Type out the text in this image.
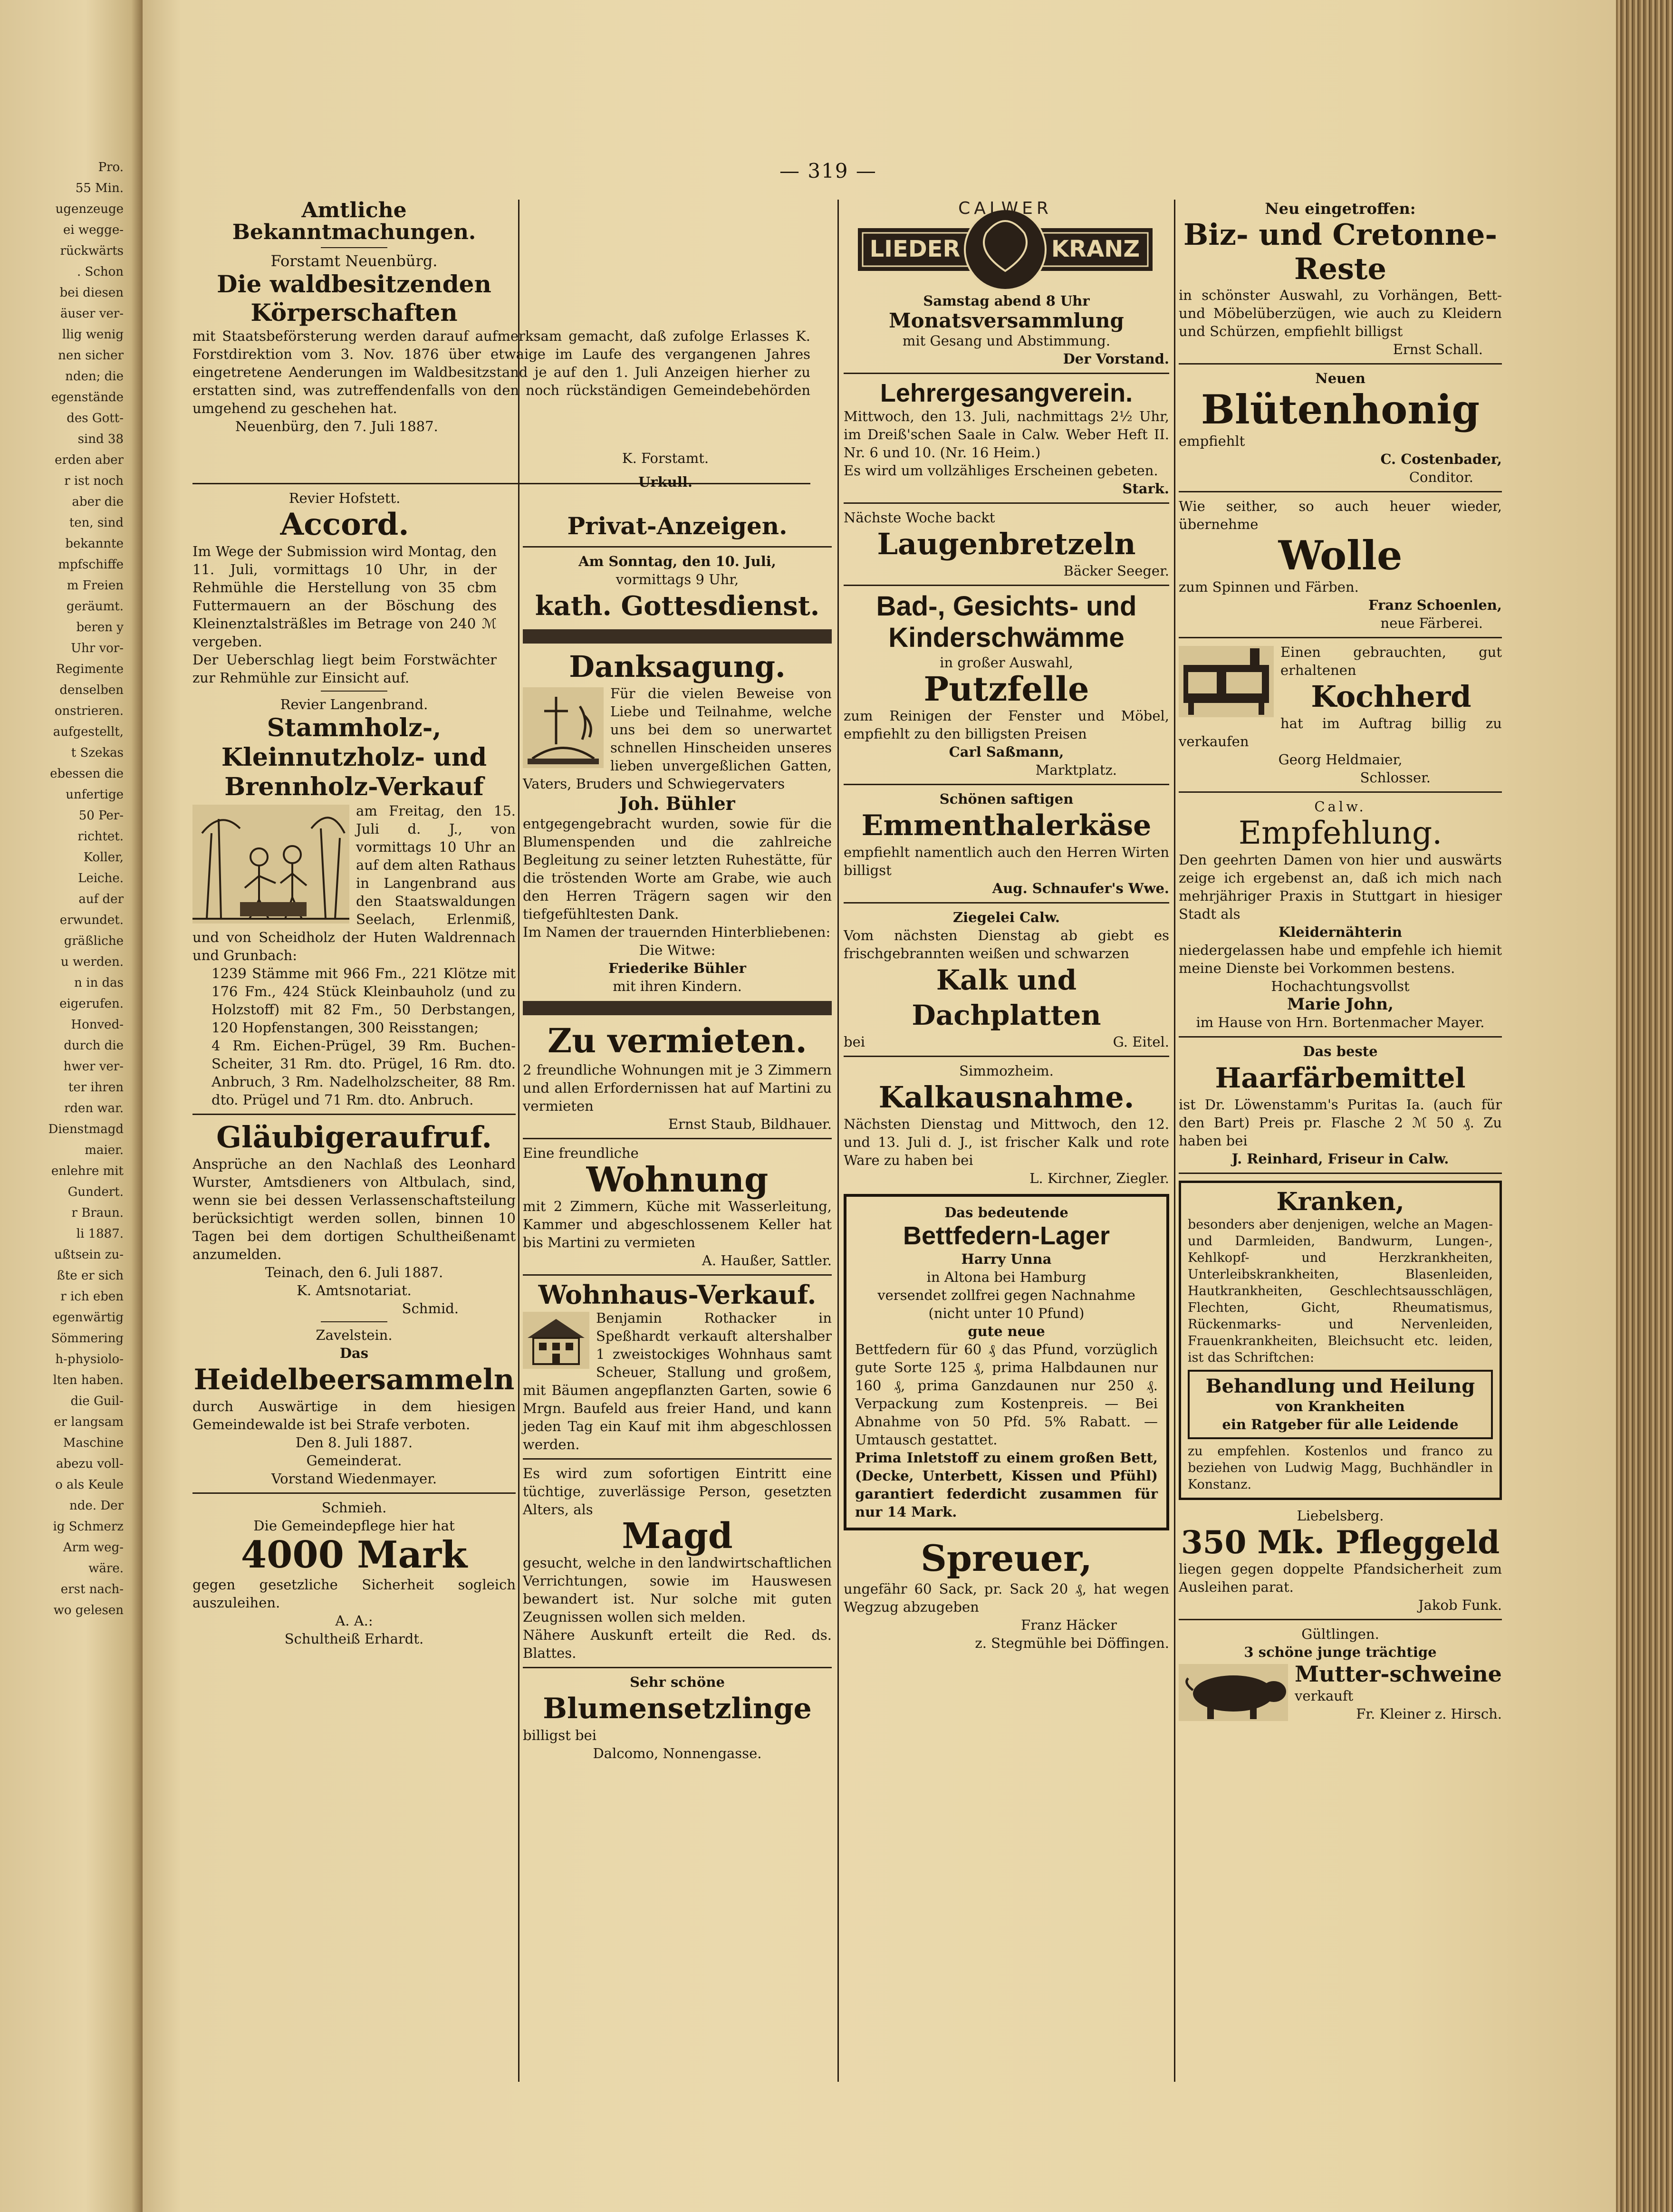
Pro.
55 Min.
ugenzeuge
ei wegge-
rückwärts
. Schon
bei diesen
äuser ver-
llig wenig
nen sicher
nden; die
egenstände
des Gott-
sind 38
erden aber
r ist noch
aber die
ten, sind
bekannte
mpfschiffe
m Freien
geräumt.
beren y
Uhr vor-
Regimente
denselben
onstrieren.
aufgestellt,
t Szekas
ebessen die
unfertige
50 Per-
richtet.
Koller,
Leiche.
auf der
erwundet.
gräßliche
u werden.
n in das
eigerufen.
Honved-
durch die
hwer ver-
ter ihren
rden war.
Dienstmagd
maier.
enlehre mit
Gundert.
r Braun.
li 1887.
ußtsein zu-
ßte er sich
r ich eben
egenwärtig
Sömmering
h-physiolo-
lten haben.
die Guil-
er langsam
Maschine
abezu voll-
o als Keule
nde. Der
ig Schmerz
Arm weg-
wäre.
erst nach-
wo gelesen
— 319 —
Amtliche Bekanntmachungen.
Forstamt Neuenbürg.
Die waldbesitzenden Körperschaften
mit Staatsbeförsterung werden darauf aufmerksam gemacht, daß zufolge Erlasses K. Forstdirektion vom 3. Nov. 1876 über etwaige im Laufe des vergangenen Jahres eingetretene Aenderungen im Waldbesitzstand je auf den 1. Juli Anzeigen hierher zu erstatten sind, was zutreffendenfalls von den noch rückständigen Gemeindebehörden umgehend zu geschehen hat.
Neuenbürg, den 7. Juli 1887.
Revier Hofstett.
Accord.
Im Wege der Submission wird Montag, den 11. Juli, vormittags 10 Uhr, in der Rehmühle die Herstellung von 35 cbm Futtermauern an der Böschung des Kleinenztalsträßles im Betrage von 240 ℳ vergeben.
Der Ueberschlag liegt beim Forstwächter zur Rehmühle zur Einsicht auf.
Revier Langenbrand.
Stammholz-, Kleinnutzholz- und Brennholz-Verkauf
am Freitag, den 15. Juli d. J., von vormittags 10 Uhr an auf dem alten Rathaus in Langenbrand aus den Staatswaldungen Seelach, Erlenmiß, und von Scheidholz der Huten Waldrennach und Grunbach:
1239 Stämme mit 966 Fm., 221 Klötze mit 176 Fm., 424 Stück Kleinbauholz (und zu Holzstoff) mit 82 Fm., 50 Derbstangen, 120 Hopfenstangen, 300 Reisstangen;
4 Rm. Eichen-Prügel, 39 Rm. Buchen-Scheiter, 31 Rm. dto. Prügel, 16 Rm. dto. Anbruch, 3 Rm. Nadelholzscheiter, 88 Rm. dto. Prügel und 71 Rm. dto. Anbruch.
Gläubigeraufruf.
Ansprüche an den Nachlaß des Leonhard Wurster, Amtsdieners von Altbulach, sind, wenn sie bei dessen Verlassenschaftsteilung berücksichtigt werden sollen, binnen 10 Tagen bei dem dortigen Schultheißenamt anzumelden.
Teinach, den 6. Juli 1887.
K. Amtsnotariat.
Schmid.
Zavelstein.
Das
Heidelbeersammeln
durch Auswärtige in dem hiesigen Gemeindewalde ist bei Strafe verboten.
Den 8. Juli 1887.
Gemeinderat.
Vorstand Wiedenmayer.
Schmieh.
Die Gemeindepflege hier hat
4000 Mark
gegen gesetzliche Sicherheit sogleich auszuleihen.
A. A.:
Schultheiß Erhardt.
K. Forstamt.
Urkull.
Privat-Anzeigen.
Am Sonntag, den 10. Juli,
vormittags 9 Uhr,
kath. Gottesdienst.
Danksagung.
Für die vielen Beweise von Liebe und Teilnahme, welche uns bei dem so unerwartet schnellen Hinscheiden unseres lieben unvergeßlichen Gatten, Vaters, Bruders und Schwiegervaters
Joh. Bühler
entgegengebracht wurden, sowie für die Blumenspenden und die zahlreiche Begleitung zu seiner letzten Ruhestätte, für die tröstenden Worte am Grabe, wie auch den Herren Trägern sagen wir den tiefgefühltesten Dank.
Im Namen der trauernden Hinterbliebenen:
Die Witwe:
Friederike Bühler
mit ihren Kindern.
Zu vermieten.
2 freundliche Wohnungen mit je 3 Zimmern und allen Erfordernissen hat auf Martini zu vermieten
Ernst Staub, Bildhauer.
Eine freundliche
Wohnung
mit 2 Zimmern, Küche mit Wasserleitung, Kammer und abgeschlossenem Keller hat bis Martini zu vermieten
A. Haußer, Sattler.
Wohnhaus-Verkauf.
Benjamin Rothacker in Speßhardt verkauft altershalber 1 zweistockiges Wohnhaus samt Scheuer, Stallung und großem, mit Bäumen angepflanzten Garten, sowie 6 Mrgn. Baufeld aus freier Hand, und kann jeden Tag ein Kauf mit ihm abgeschlossen werden.
Es wird zum sofortigen Eintritt eine tüchtige, zuverlässige Person, gesetzten Alters, als
Magd
gesucht, welche in den landwirtschaftlichen Verrichtungen, sowie im Hauswesen bewandert ist. Nur solche mit guten Zeugnissen wollen sich melden.
Nähere Auskunft erteilt die Red. ds. Blattes.
Sehr schöne
Blumensetzlinge
billigst bei
Dalcomo, Nonnengasse.
CALWER
LIEDER	KRANZ
Samstag abend 8 Uhr
Monatsversammlung
mit Gesang und Abstimmung.
Der Vorstand.
Lehrergesangverein.
Mittwoch, den 13. Juli, nachmittags 2½ Uhr, im Dreiß'schen Saale in Calw. Weber Heft II. Nr. 6 und 10. (Nr. 16 Heim.)
Es wird um vollzähliges Erscheinen gebeten.
Stark.
Nächste Woche backt
Laugenbretzeln
Bäcker Seeger.
Bad-, Gesichts- und Kinderschwämme
in großer Auswahl,
Putzfelle
zum Reinigen der Fenster und Möbel, empfiehlt zu den billigsten Preisen
Carl Saßmann,
Marktplatz.
Schönen saftigen
Emmenthalerkäse
empfiehlt namentlich auch den Herren Wirten billigst
Aug. Schnaufer's Wwe.
Ziegelei Calw.
Vom nächsten Dienstag ab giebt es frischgebrannten weißen und schwarzen
Kalk und Dachplatten
bei	G. Eitel.
Simmozheim.
Kalkausnahme.
Nächsten Dienstag und Mittwoch, den 12. und 13. Juli d. J., ist frischer Kalk und rote Ware zu haben bei
L. Kirchner, Ziegler.
Das bedeutende
Bettfedern-Lager
Harry Unna
in Altona bei Hamburg
versendet zollfrei gegen Nachnahme (nicht unter 10 Pfund)
gute neue
Bettfedern für 60 ₰ das Pfund, vorzüglich gute Sorte 125 ₰, prima Halbdaunen nur 160 ₰, prima Ganzdaunen nur 250 ₰. Verpackung zum Kostenpreis. — Bei Abnahme von 50 Pfd. 5% Rabatt. — Umtausch gestattet.
Prima Inletstoff zu einem großen Bett, (Decke, Unterbett, Kissen und Pfühl) garantiert federdicht zusammen für nur 14 Mark.
Spreuer,
ungefähr 60 Sack, pr. Sack 20 ₰, hat wegen Wegzug abzugeben
Franz Häcker
z. Stegmühle bei Döffingen.
Neu eingetroffen:
Biz- und Cretonne-Reste
in schönster Auswahl, zu Vorhängen, Bett- und Möbelüberzügen, wie auch zu Kleidern und Schürzen, empfiehlt billigst
Ernst Schall.
Neuen
Blütenhonig
empfiehlt
C. Costenbader,
Conditor.
Wie seither, so auch heuer wieder, übernehme
Wolle
zum Spinnen und Färben.
Franz Schoenlen,
neue Färberei.
Einen gebrauchten, gut erhaltenen
Kochherd
hat im Auftrag billig zu verkaufen
Georg Heldmaier,
Schlosser.
Calw.
Empfehlung.
Den geehrten Damen von hier und auswärts zeige ich ergebenst an, daß ich mich nach mehrjähriger Praxis in Stuttgart in hiesiger Stadt als
Kleidernähterin
niedergelassen habe und empfehle ich hiemit meine Dienste bei Vorkommen bestens.
Hochachtungsvollst
Marie John,
im Hause von Hrn. Bortenmacher Mayer.
Das beste
Haarfärbemittel
ist Dr. Löwenstamm's Puritas Ia. (auch für den Bart) Preis pr. Flasche 2 ℳ 50 ₰. Zu haben bei
J. Reinhard, Friseur in Calw.
Kranken,
besonders aber denjenigen, welche an Magen- und Darmleiden, Bandwurm, Lungen-, Kehlkopf- und Herzkrankheiten, Unterleibskrankheiten, Blasenleiden, Hautkrankheiten, Geschlechtsausschlägen, Flechten, Gicht, Rheumatismus, Rückenmarks- und Nervenleiden, Frauenkrankheiten, Bleichsucht etc. leiden, ist das Schriftchen:
Behandlung und Heilung
von Krankheiten
ein Ratgeber für alle Leidende
zu empfehlen. Kostenlos und franco zu beziehen von Ludwig Magg, Buchhändler in Konstanz.
Liebelsberg.
350 Mk. Pfleggeld
liegen gegen doppelte Pfandsicherheit zum Ausleihen parat.
Jakob Funk.
Gültlingen.
3 schöne junge trächtige
Mutter-schweine
verkauft
Fr. Kleiner z. Hirsch.
